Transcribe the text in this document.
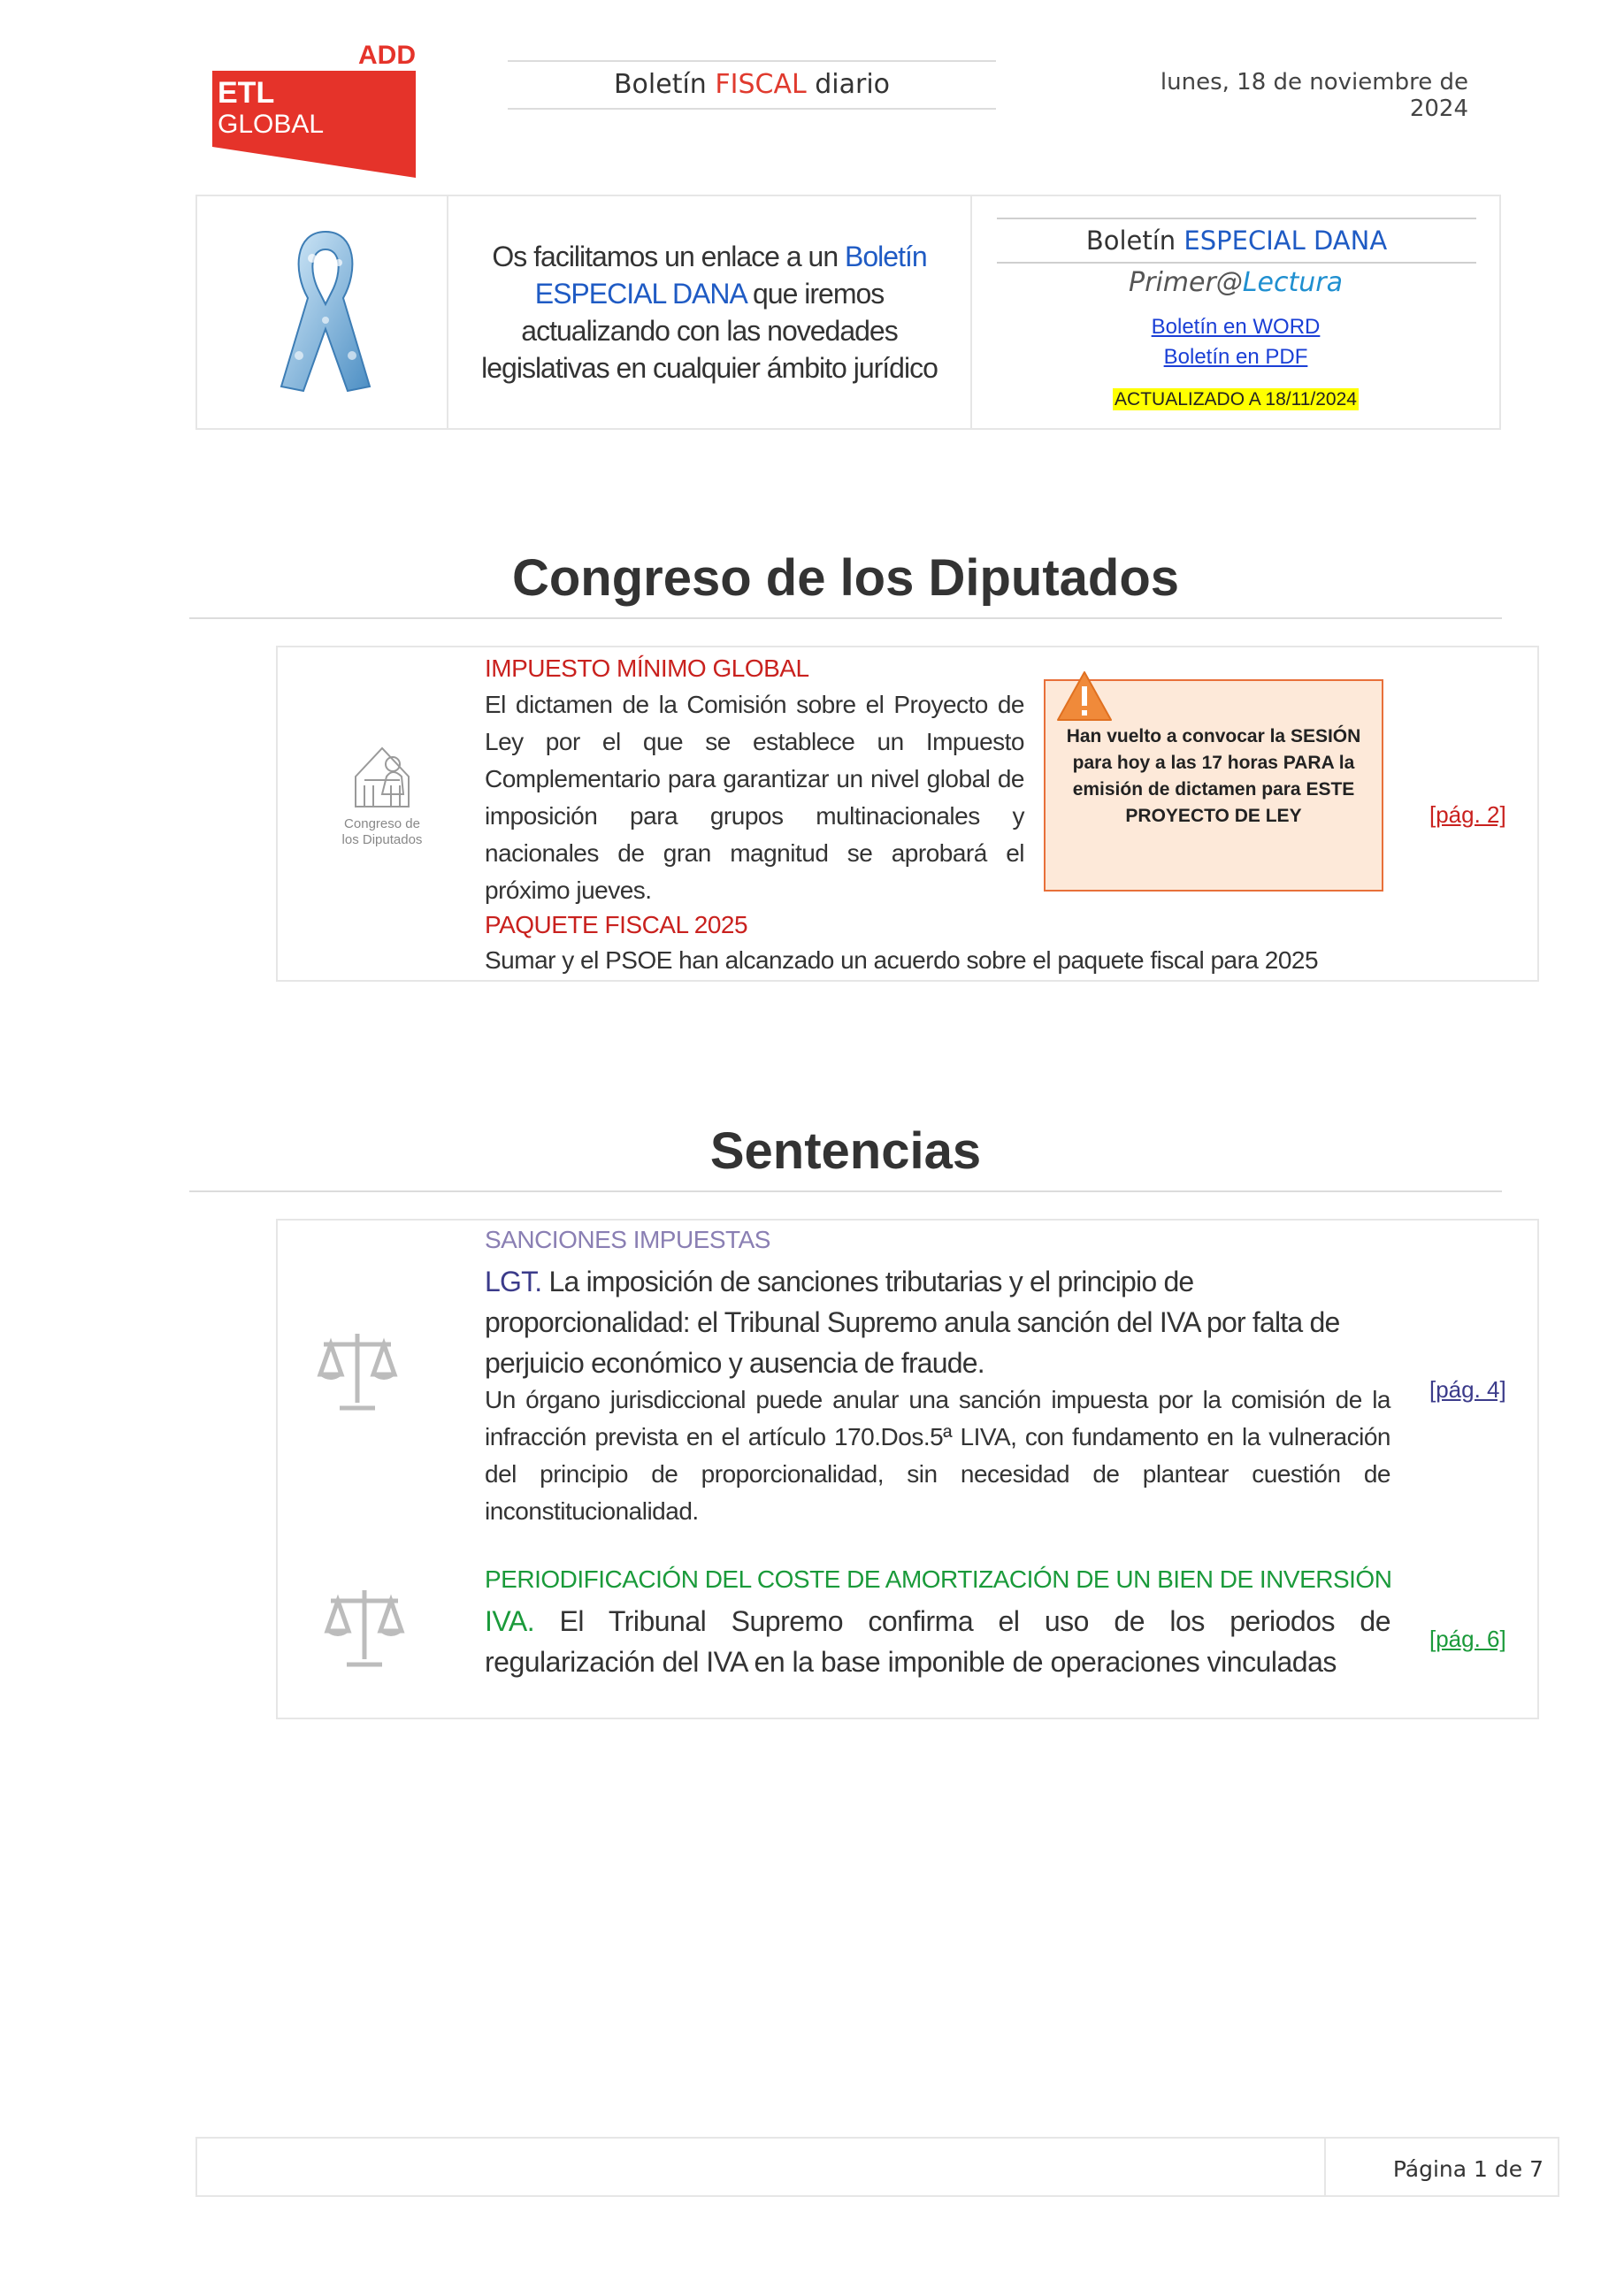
ADD
ETL
GLOBAL
Boletín FISCAL diario	lunes, 18 de noviembre de 2024

Os facilitamos un enlace a un Boletín ESPECIAL DANA que iremos actualizando con las novedades legislativas en cualquier ámbito jurídico

Boletín ESPECIAL DANA
Primer@Lectura
Boletín en WORD
Boletín en PDF
ACTUALIZADO A 18/11/2024
Congreso de los Diputados
Congreso de
los Diputados
IMPUESTO MÍNIMO GLOBAL
El dictamen de la Comisión sobre el Proyecto de Ley por el que se establece un Impuesto Complementario para garantizar un nivel global de imposición para grupos multinacionales y nacionales de gran magnitud se aprobará el próximo jueves.
PAQUETE FISCAL 2025
Sumar y el PSOE han alcanzado un acuerdo sobre el paquete fiscal para 2025
Han vuelto a convocar la SESIÓN para hoy a las 17 horas PARA la emisión de dictamen para ESTE PROYECTO DE LEY	[pág. 2]
Sentencias
SANCIONES IMPUESTAS
LGT. La imposición de sanciones tributarias y el principio de proporcionalidad: el Tribunal Supremo anula sanción del IVA por falta de perjuicio económico y ausencia de fraude.
Un órgano jurisdiccional puede anular una sanción impuesta por la comisión de la infracción prevista en el artículo 170.Dos.5ª LIVA, con fundamento en la vulneración del principio de proporcionalidad, sin necesidad de plantear cuestión de inconstitucionalidad.
[pág. 4]
PERIODIFICACIÓN DEL COSTE DE AMORTIZACIÓN DE UN BIEN DE INVERSIÓN
IVA. El Tribunal Supremo confirma el uso de los periodos de regularización del IVA en la base imponible de operaciones vinculadas
[pág. 6]
Página 1 de 7
